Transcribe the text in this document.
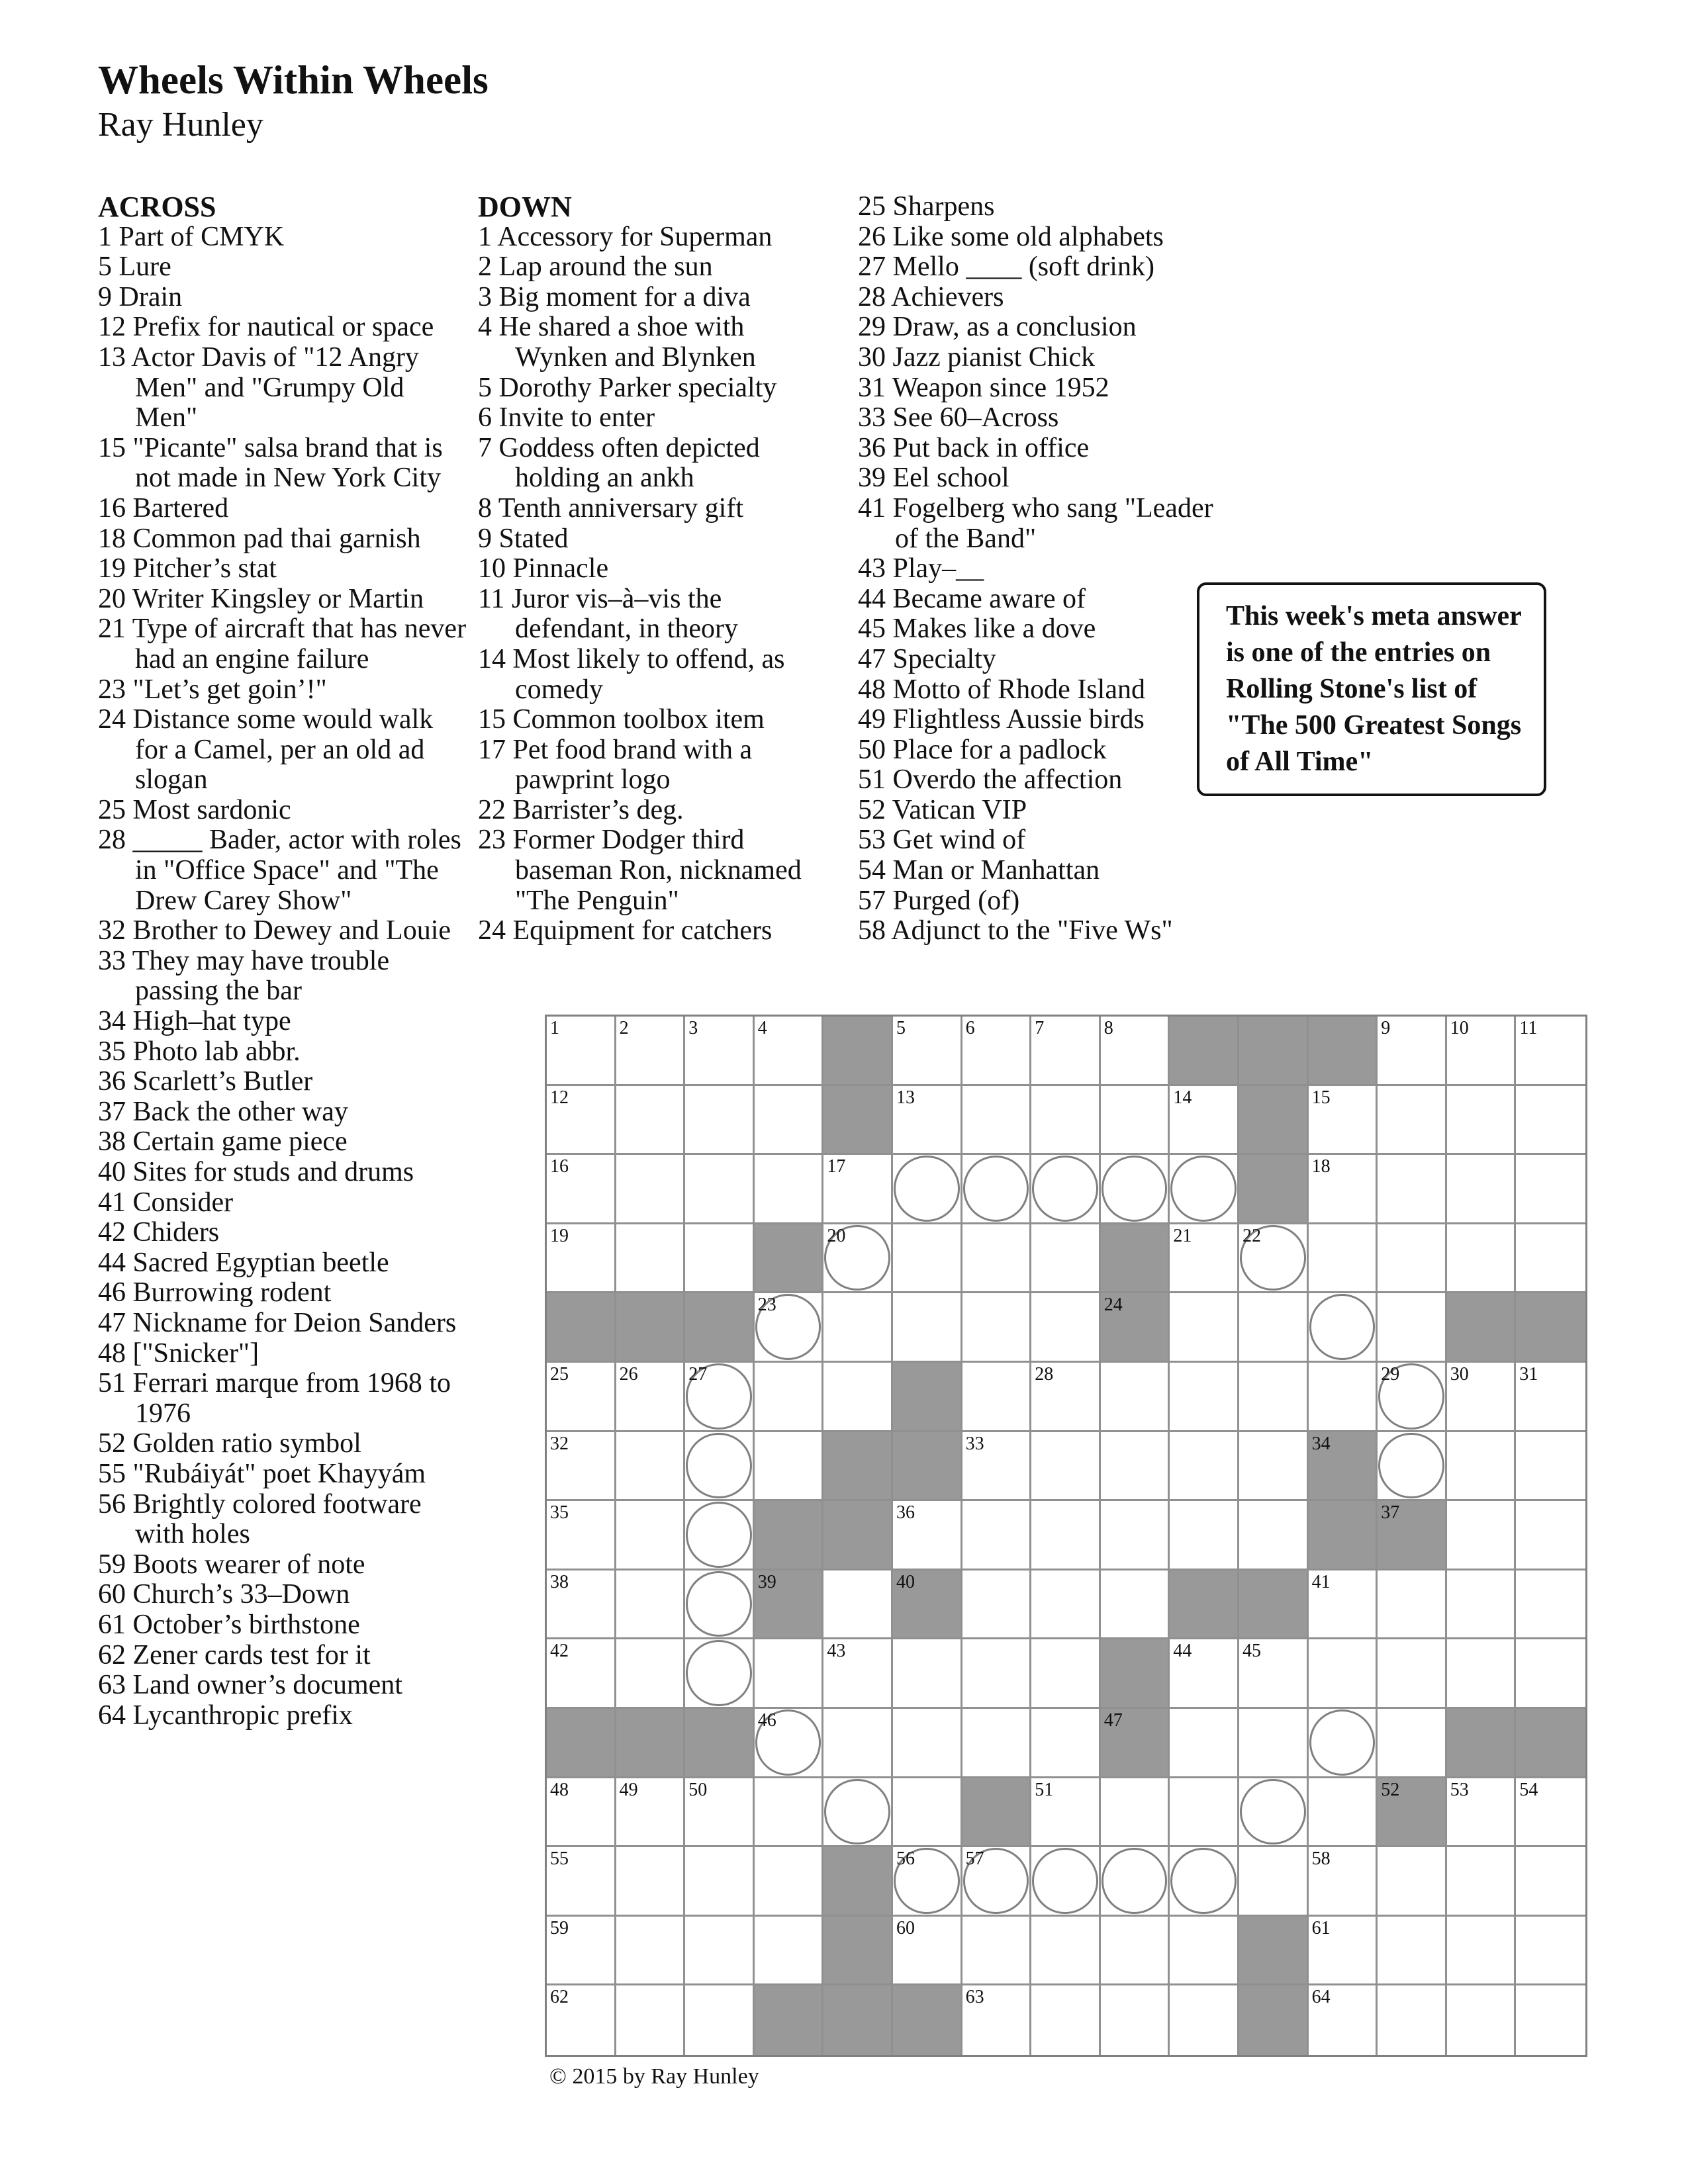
Wheels Within Wheels
Ray Hunley
ACROSS
1 Part of CMYK
5 Lure
9 Drain
12 Prefix for nautical or space
13 Actor Davis of "12 Angry Men" and "Grumpy Old Men"
15 "Picante" salsa brand that is not made in New York City
16 Bartered
18 Common pad thai garnish
19 Pitcher’s stat
20 Writer Kingsley or Martin
21 Type of aircraft that has never had an engine failure
23 "Let’s get goin’!"
24 Distance some would walk for a Camel, per an old ad slogan
25 Most sardonic
28 _____ Bader, actor with roles in "Office Space" and "The Drew Carey Show"
32 Brother to Dewey and Louie
33 They may have trouble passing the bar
34 High–hat type
35 Photo lab abbr.
36 Scarlett’s Butler
37 Back the other way
38 Certain game piece
40 Sites for studs and drums
41 Consider
42 Chiders
44 Sacred Egyptian beetle
46 Burrowing rodent
47 Nickname for Deion Sanders
48 ["Snicker"]
51 Ferrari marque from 1968 to 1976
52 Golden ratio symbol
55 "Rubáiyát" poet Khayyám
56 Brightly colored footware with holes
59 Boots wearer of note
60 Church’s 33–Down
61 October’s birthstone
62 Zener cards test for it
63 Land owner’s document
64 Lycanthropic prefix
DOWN
1 Accessory for Superman
2 Lap around the sun
3 Big moment for a diva
4 He shared a shoe with Wynken and Blynken
5 Dorothy Parker specialty
6 Invite to enter
7 Goddess often depicted holding an ankh
8 Tenth anniversary gift
9 Stated
10 Pinnacle
11 Juror vis–à–vis the defendant, in theory
14 Most likely to offend, as comedy
15 Common toolbox item
17 Pet food brand with a pawprint logo
22 Barrister’s deg.
23 Former Dodger third baseman Ron, nicknamed "The Penguin"
24 Equipment for catchers
25 Sharpens
26 Like some old alphabets
27 Mello ____ (soft drink)
28 Achievers
29 Draw, as a conclusion
30 Jazz pianist Chick
31 Weapon since 1952
33 See 60–Across
36 Put back in office
39 Eel school
41 Fogelberg who sang "Leader of the Band"
43 Play–__
44 Became aware of
45 Makes like a dove
47 Specialty
48 Motto of Rhode Island
49 Flightless Aussie birds
50 Place for a padlock
51 Overdo the affection
52 Vatican VIP
53 Get wind of
54 Man or Manhattan
57 Purged (of)
58 Adjunct to the "Five Ws"
This week's meta answer is one of the entries on Rolling Stone's list of "The 500 Greatest Songs of All Time"
1	2	3	4	5	6	7	8	9	10	11
12	13	14	15
16	17	18
19	20	21	22
23	24
25	26	27	28	29	30	31
32	33	34
35	36	37
38	39	40	41
42	43	44	45
46	47
48	49	50	51	52	53	54
55	56	57	58
59	60	61
62	63	64
© 2015 by Ray Hunley
